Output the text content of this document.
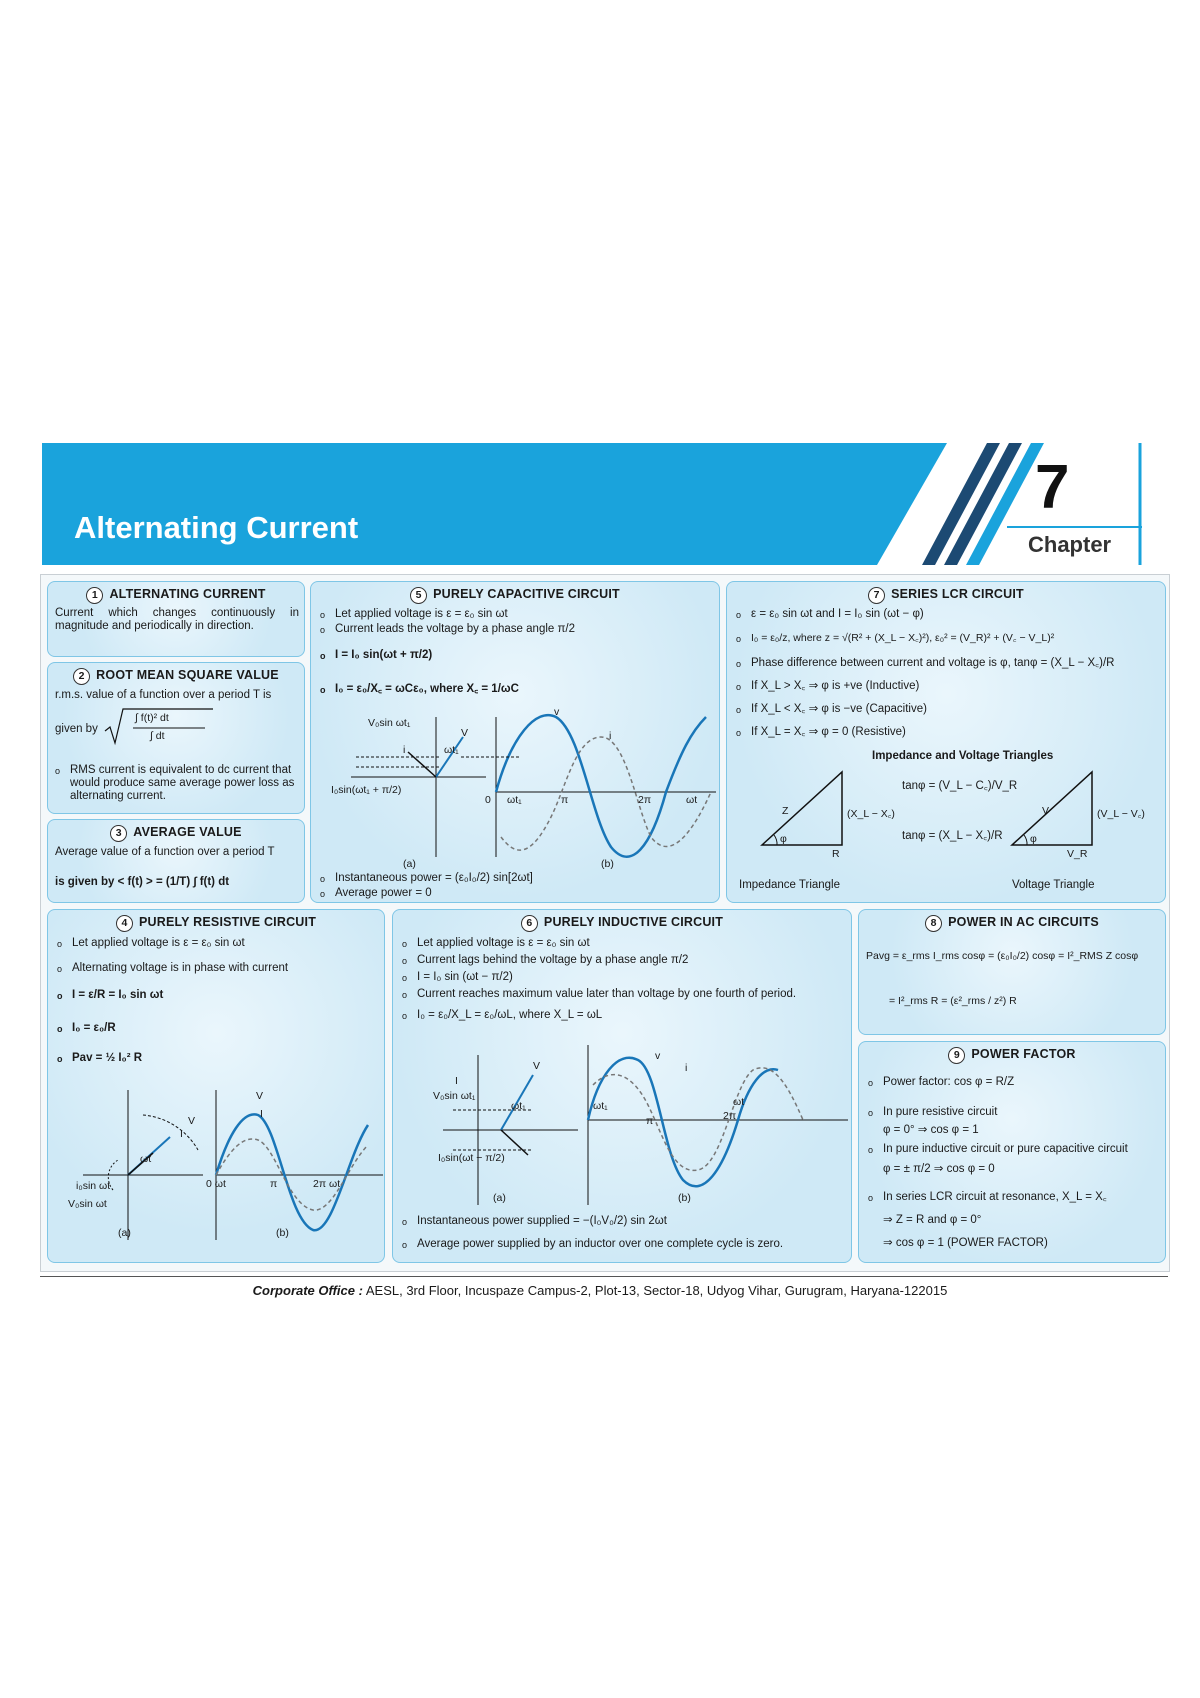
Alternating Current
7
Chapter
1 ALTERNATING CURRENT
Current which changes continuously in magnitude and periodically in direction.
2 ROOT MEAN SQUARE VALUE
r.m.s. value of a function over a period T is
given by
∫ f(t)² dt
∫ dt
o RMS current is equivalent to dc current that would produce same average power loss as alternating current.
3 AVERAGE VALUE
Average value of a function over a period T
is given by < f(t) > = (1/T) ∫ f(t) dt
5 PURELY CAPACITIVE CIRCUIT
o Let applied voltage is ε = ε₀ sin ωt
o Current leads the voltage by a phase angle π/2
o I = I₀ sin(ωt + π/2)
o I₀ = ε₀/X꜀ = ωCε₀, where X꜀ = 1/ωC
V₀sin ωt₁
V
i	ωt₁
I₀sin(ωt₁ + π/2)
0 ωt₁	π	2π	ωt
v
i
(a)	(b)
o Instantaneous power = (ε₀I₀/2) sin[2ωt]
o Average power = 0
7 SERIES LCR CIRCUIT
o ε = ε₀ sin ωt and I = I₀ sin (ωt − φ)
o I₀ = ε₀/z, where z = √(R² + (X_L − X꜀)²), ε₀² = (V_R)² + (V꜀ − V_L)²
o Phase difference between current and voltage is φ, tanφ = (X_L − X꜀)/R
o If X_L > X꜀ ⇒ φ is +ve (Inductive)
o If X_L < X꜀ ⇒ φ is −ve (Capacitive)
o If X_L = X꜀ ⇒ φ = 0 (Resistive)
Impedance and Voltage Triangles
Z	(X_L − X꜀)
R
φ
V	(V_L − V꜀)
V_R
φ
tanφ = (V_L − C꜀)/V_R
tanφ = (X_L − X꜀)/R
Impedance Triangle	Voltage Triangle
4 PURELY RESISTIVE CIRCUIT
o Let applied voltage is ε = ε₀ sin ωt
o Alternating voltage is in phase with current
o I = ε/R = I₀ sin ωt
o I₀ = ε₀/R
o Pav = ½ I₀² R
V
I
ωt
i₀sin ωt
V₀sin ωt
(a)	(b)
0 ωt	2π ωt
V
I
π
6 PURELY INDUCTIVE CIRCUIT
o Let applied voltage is ε = ε₀ sin ωt
o Current lags behind the voltage by a phase angle π/2
o I = I₀ sin (ωt − π/2)
o Current reaches maximum value later than voltage by one fourth of period.
o I₀ = ε₀/X_L = ε₀/ωL, where X_L = ωL
V₀sin ωt₁
ωt₁
I₀sin(ωt − π/2)
ωt₁
π	2π
ωt
v
i
I
V
(a)	(b)
o Instantaneous power supplied = −(I₀V₀/2) sin 2ωt
o Average power supplied by an inductor over one complete cycle is zero.
8 POWER IN AC CIRCUITS
Pavg = ε_rms I_rms cosφ = (ε₀I₀/2) cosφ = I²_RMS Z cosφ
= I²_rms R = (ε²_rms / z²) R
9 POWER FACTOR
o Power factor: cos φ = R/Z
o In pure resistive circuit
φ = 0° ⇒ cos φ = 1
o In pure inductive circuit or pure capacitive circuit
φ = ± π/2 ⇒ cos φ = 0
o In series LCR circuit at resonance, X_L = X꜀
⇒ Z = R and φ = 0°
⇒ cos φ = 1 (POWER FACTOR)
Corporate Office : AESL, 3rd Floor, Incuspaze Campus-2, Plot-13, Sector-18, Udyog Vihar, Gurugram, Haryana-122015
